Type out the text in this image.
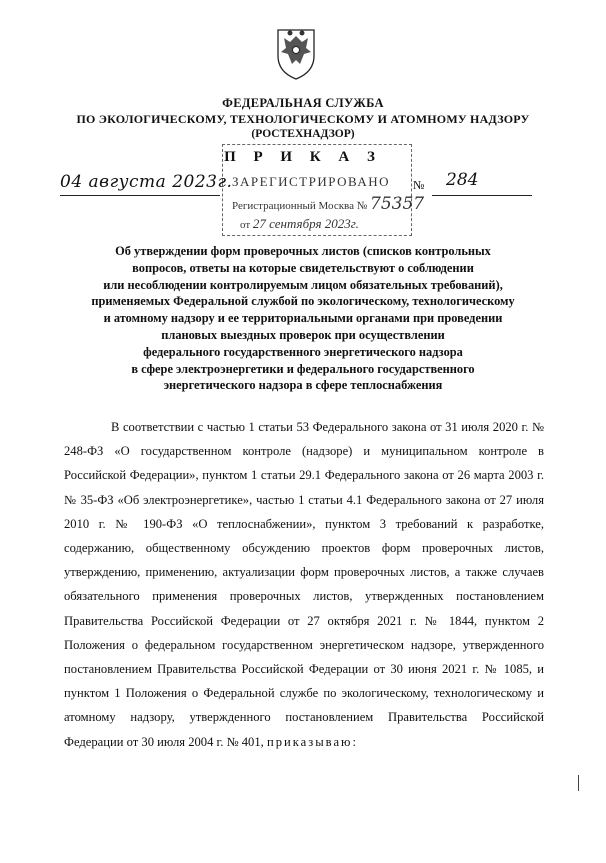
ФЕДЕРАЛЬНАЯ СЛУЖБА
ПО ЭКОЛОГИЧЕСКОМУ, ТЕХНОЛОГИЧЕСКОМУ И АТОМНОМУ НАДЗОРУ
(РОСТЕХНАДЗОР)
П Р И К А З
ЗАРЕГИСТРИРОВАНО
Регистрационный Москва № 75357
от 27 сентября 2023г.
04 августа 2023г.	№ 284
Об утверждении форм проверочных листов (списков контрольных
вопросов, ответы на которые свидетельствуют о соблюдении
или несоблюдении контролируемым лицом обязательных требований),
применяемых Федеральной службой по экологическому, технологическому
и атомному надзору и ее территориальными органами при проведении
плановых выездных проверок при осуществлении
федерального государственного энергетического надзора
в сфере электроэнергетики и федерального государственного
энергетического надзора в сфере теплоснабжения
В соответствии с частью 1 статьи 53 Федерального закона от 31 июля 2020 г. № 248-ФЗ «О государственном контроле (надзоре) и муниципальном контроле в Российской Федерации», пунктом 1 статьи 29.1 Федерального закона от 26 марта 2003 г. № 35-ФЗ «Об электроэнергетике», частью 1 статьи 4.1 Федерального закона от 27 июля 2010 г. № 190-ФЗ «О теплоснабжении», пунктом 3 требований к разработке, содержанию, общественному обсуждению проектов форм проверочных листов, утверждению, применению, актуализации форм проверочных листов, а также случаев обязательного применения проверочных листов, утвержденных постановлением Правительства Российской Федерации от 27 октября 2021 г. № 1844, пунктом 2 Положения о федеральном государственном энергетическом надзоре, утвержденного постановлением Правительства Российской Федерации от 30 июня 2021 г. № 1085, и пунктом 1 Положения о Федеральной службе по экологическому, технологическому и атомному надзору, утвержденного постановлением Правительства Российской Федерации от 30 июля 2004 г. № 401, приказываю:
